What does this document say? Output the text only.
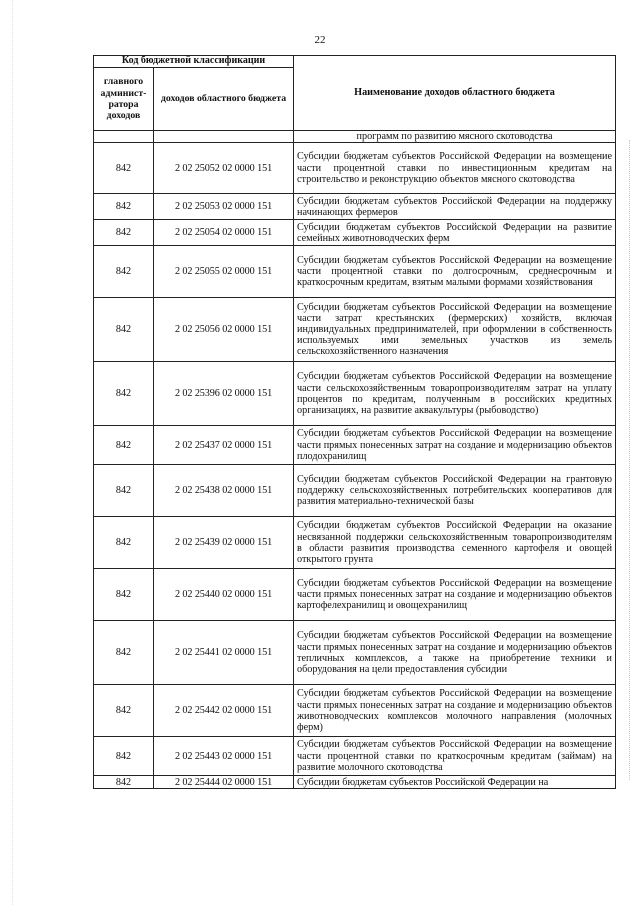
22
Код бюджетной классификации		Наименование доходов областного бюджета
главного админист-ратора доходов	доходов областного бюджета	
		программ по развитию мясного скотоводства
842	2 02 25052 02 0000 151	Субсидии бюджетам субъектов Российской Федерации на возмещение части процентной ставки по инвестиционным кредитам на строительство и реконструкцию объектов мясного скотоводства
842	2 02 25053 02 0000 151	Субсидии бюджетам субъектов Российской Федерации на поддержку начинающих фермеров
842	2 02 25054 02 0000 151	Субсидии бюджетам субъектов Российской Федерации на развитие семейных животноводческих ферм
842	2 02 25055 02 0000 151	Субсидии бюджетам субъектов Российской Федерации на возмещение части процентной ставки по долгосрочным, среднесрочным и краткосрочным кредитам, взятым малыми формами хозяйствования
842	2 02 25056 02 0000 151	Субсидии бюджетам субъектов Российской Федерации на возмещение части затрат крестьянских (фермерских) хозяйств, включая индивидуальных предпринимателей, при оформлении в собственность используемых ими земельных участков из земель сельскохозяйственного назначения
842	2 02 25396 02 0000 151	Субсидии бюджетам субъектов Российской Федерации на возмещение части сельскохозяйственным товаропроизводителям затрат на уплату процентов по кредитам, полученным в российских кредитных организациях, на развитие аквакультуры (рыбоводство)
842	2 02 25437 02 0000 151	Субсидии бюджетам субъектов Российской Федерации на возмещение части прямых понесенных затрат на создание и модернизацию объектов плодохранилищ
842	2 02 25438 02 0000 151	Субсидии бюджетам субъектов Российской Федерации на грантовую поддержку сельскохозяйственных потребительских кооперативов для развития материально-технической базы
842	2 02 25439 02 0000 151	Субсидии бюджетам субъектов Российской Федерации на оказание несвязанной поддержки сельскохозяйственным товаропроизводителям в области развития производства семенного картофеля и овощей открытого грунта
842	2 02 25440 02 0000 151	Субсидии бюджетам субъектов Российской Федерации на возмещение части прямых понесенных затрат на создание и модернизацию объектов картофелехранилищ и овощехранилищ
842	2 02 25441 02 0000 151	Субсидии бюджетам субъектов Российской Федерации на возмещение части прямых понесенных затрат на создание и модернизацию объектов тепличных комплексов, а также на приобретение техники и оборудования на цели предоставления субсидии
842	2 02 25442 02 0000 151	Субсидии бюджетам субъектов Российской Федерации на возмещение части прямых понесенных затрат на создание и модернизацию объектов животноводческих комплексов молочного направления (молочных ферм)
842	2 02 25443 02 0000 151	Субсидии бюджетам субъектов Российской Федерации на возмещение части процентной ставки по краткосрочным кредитам (займам) на развитие молочного скотоводства
842	2 02 25444 02 0000 151	Субсидии бюджетам субъектов Российской Федерации на
